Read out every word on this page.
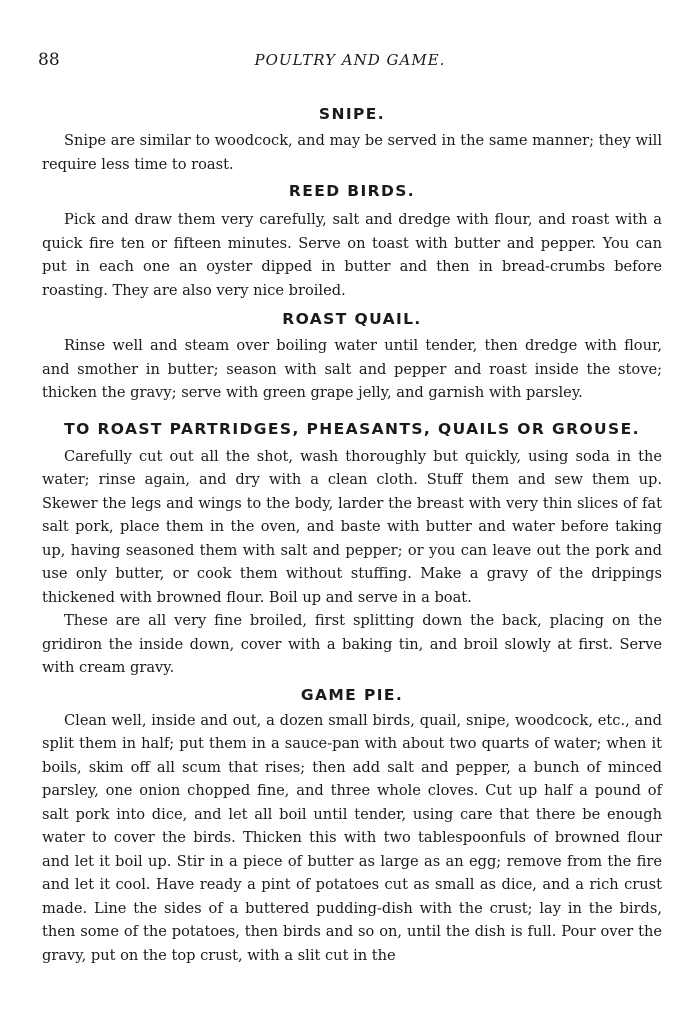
88	POULTRY AND GAME.
SNIPE.

Snipe are similar to woodcock, and may be served in the same manner; they will require less time to roast.

REED BIRDS.

Pick and draw them very carefully, salt and dredge with flour, and roast with a quick fire ten or fifteen minutes. Serve on toast with butter and pepper. You can put in each one an oyster dipped in butter and then in bread-crumbs before roasting. They are also very nice broiled.

ROAST QUAIL.

Rinse well and steam over boiling water until tender, then dredge with flour, and smother in butter; season with salt and pepper and roast inside the stove; thicken the gravy; serve with green grape jelly, and garnish with parsley.

TO ROAST PARTRIDGES, PHEASANTS, QUAILS OR GROUSE.

Carefully cut out all the shot, wash thoroughly but quickly, using soda in the water; rinse again, and dry with a clean cloth. Stuff them and sew them up. Skewer the legs and wings to the body, larder the breast with very thin slices of fat salt pork, place them in the oven, and baste with butter and water before taking up, having seasoned them with salt and pepper; or you can leave out the pork and use only butter, or cook them without stuffing. Make a gravy of the drippings thickened with browned flour. Boil up and serve in a boat.

These are all very fine broiled, first splitting down the back, placing on the gridiron the inside down, cover with a baking tin, and broil slowly at first. Serve with cream gravy.

GAME PIE.

Clean well, inside and out, a dozen small birds, quail, snipe, woodcock, etc., and split them in half; put them in a sauce-pan with about two quarts of water; when it boils, skim off all scum that rises; then add salt and pepper, a bunch of minced parsley, one onion chopped fine, and three whole cloves. Cut up half a pound of salt pork into dice, and let all boil until tender, using care that there be enough water to cover the birds. Thicken this with two tablespoonfuls of browned flour and let it boil up. Stir in a piece of butter as large as an egg; remove from the fire and let it cool. Have ready a pint of potatoes cut as small as dice, and a rich crust made. Line the sides of a buttered pudding-dish with the crust; lay in the birds, then some of the potatoes, then birds and so on, until the dish is full. Pour over the gravy, put on the top crust, with a slit cut in the
